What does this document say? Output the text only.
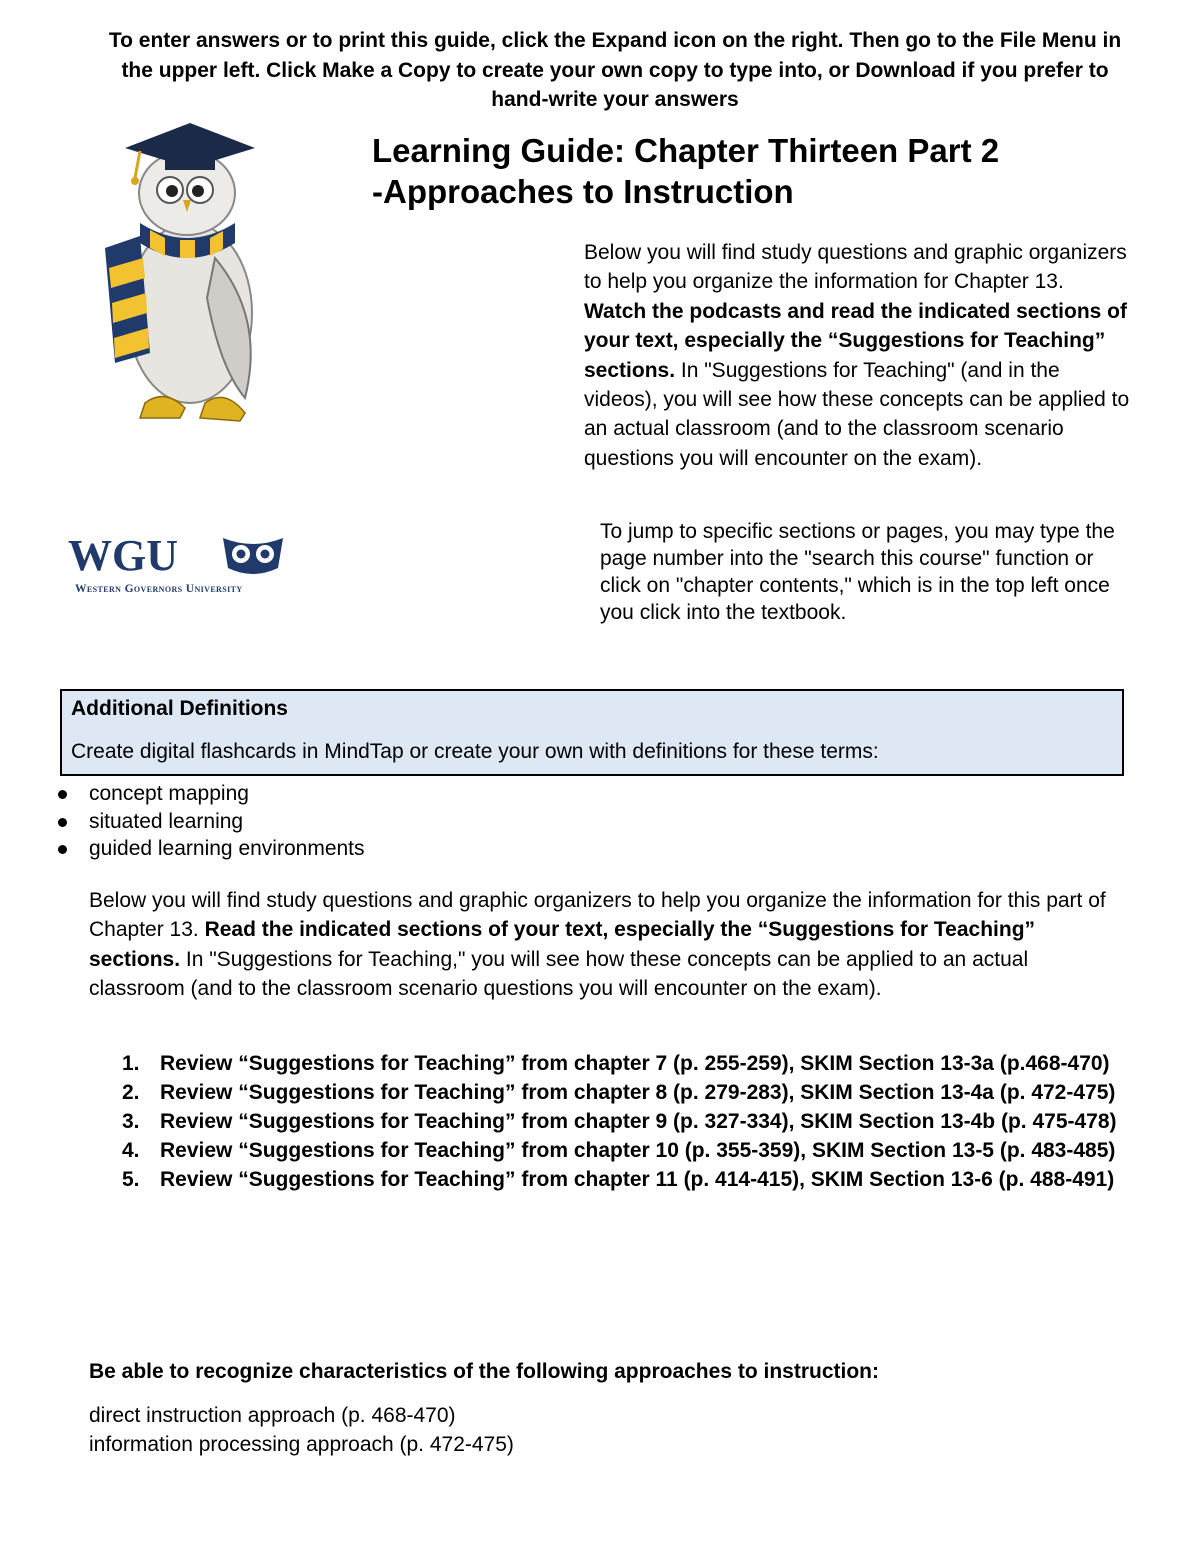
To enter answers or to print this guide, click the Expand icon on the right. Then go to the File Menu in the upper left. Click Make a Copy to create your own copy to type into, or Download if you prefer to hand-write your answers
Learning Guide: Chapter Thirteen Part 2
-Approaches to Instruction
Below you will find study questions and graphic organizers to help you organize the information for Chapter 13. Watch the podcasts and read the indicated sections of your text, especially the “Suggestions for Teaching” sections. In "Suggestions for Teaching" (and in the videos), you will see how these concepts can be applied to an actual classroom (and to the classroom scenario questions you will encounter on the exam).
WGU
Western Governors University
To jump to specific sections or pages, you may type the page number into the "search this course" function or click on "chapter contents," which is in the top left once you click into the textbook.
Additional Definitions
Create digital flashcards in MindTap or create your own with definitions for these terms:
concept mapping
situated learning
guided learning environments
Below you will find study questions and graphic organizers to help you organize the information for this part of Chapter 13. Read the indicated sections of your text, especially the “Suggestions for Teaching” sections. In "Suggestions for Teaching," you will see how these concepts can be applied to an actual classroom (and to the classroom scenario questions you will encounter on the exam).
1. Review “Suggestions for Teaching” from chapter 7 (p. 255-259), SKIM Section 13-3a (p.468-470)
2. Review “Suggestions for Teaching” from chapter 8 (p. 279-283), SKIM Section 13-4a (p. 472-475)
3. Review “Suggestions for Teaching” from chapter 9 (p. 327-334), SKIM Section 13-4b (p. 475-478)
4. Review “Suggestions for Teaching” from chapter 10 (p. 355-359), SKIM Section 13-5 (p. 483-485)
5. Review “Suggestions for Teaching” from chapter 11 (p. 414-415), SKIM Section 13-6 (p. 488-491)
Be able to recognize characteristics of the following approaches to instruction:
direct instruction approach (p. 468-470)
information processing approach (p. 472-475)
